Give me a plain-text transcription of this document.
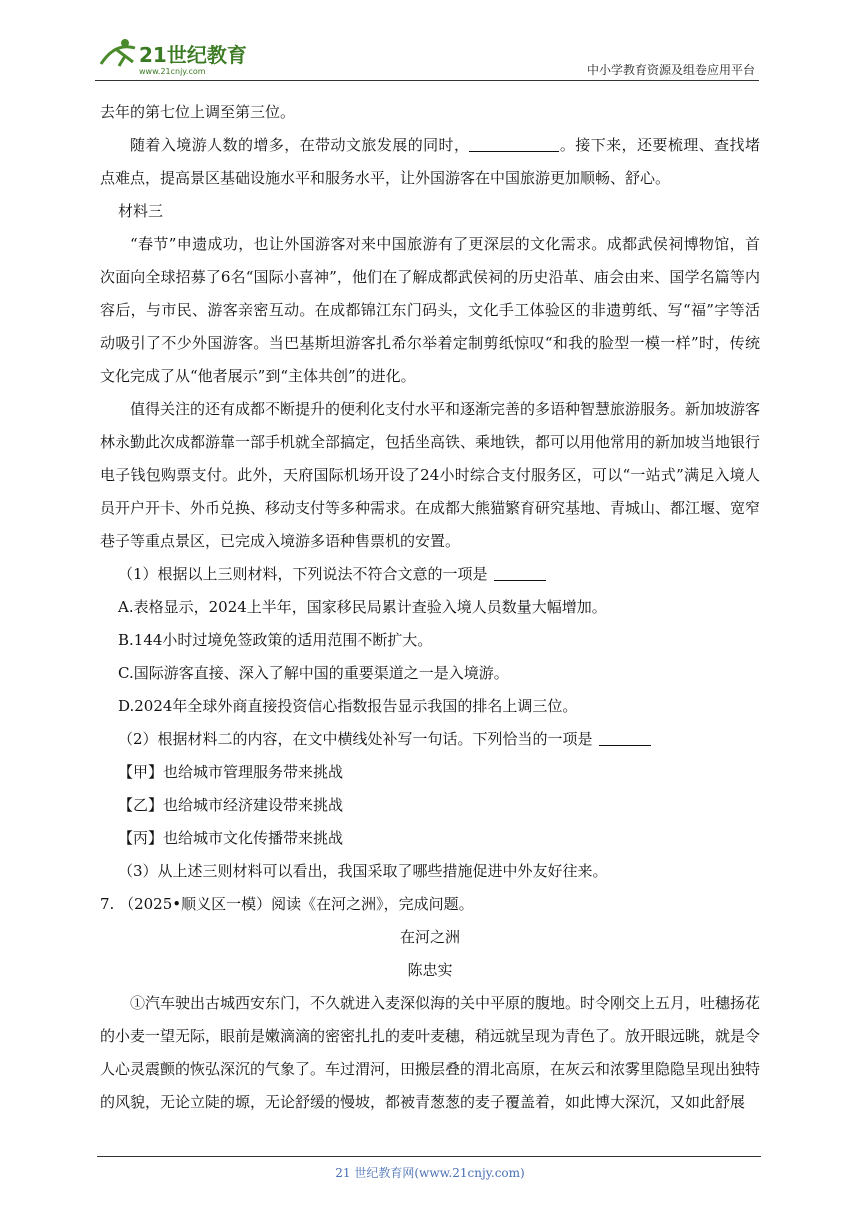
21世纪教育
www.21cnjy.com	中小学教育资源及组卷应用平台

去年的第七位上调至第三位。

随着入境游人数的增多，在带动文旅发展的同时，	。接下来，还要梳理、查找堵点难点，提高景区基础设施水平和服务水平，让外国游客在中国旅游更加顺畅、舒心。

材料三

“春节”申遗成功，也让外国游客对来中国旅游有了更深层的文化需求。成都武侯祠博物馆，首次面向全球招募了6名“国际小喜神”，他们在了解成都武侯祠的历史沿革、庙会由来、国学名篇等内容后，与市民、游客亲密互动。在成都锦江东门码头，文化手工体验区的非遗剪纸、写“福”字等活动吸引了不少外国游客。当巴基斯坦游客扎希尔举着定制剪纸惊叹“和我的脸型一模一样”时，传统文化完成了从“他者展示”到“主体共创”的进化。

值得关注的还有成都不断提升的便利化支付水平和逐渐完善的多语种智慧旅游服务。新加坡游客林永勤此次成都游靠一部手机就全部搞定，包括坐高铁、乘地铁，都可以用他常用的新加坡当地银行电子钱包购票支付。此外，天府国际机场开设了24小时综合支付服务区，可以“一站式”满足入境人员开户开卡、外币兑换、移动支付等多种需求。在成都大熊猫繁育研究基地、青城山、都江堰、宽窄巷子等重点景区，已完成入境游多语种售票机的安置。

（1）根据以上三则材料，下列说法不符合文意的一项是

A.表格显示，2024上半年，国家移民局累计查验入境人员数量大幅增加。

B.144小时过境免签政策的适用范围不断扩大。

C.国际游客直接、深入了解中国的重要渠道之一是入境游。

D.2024年全球外商直接投资信心指数报告显示我国的排名上调三位。

（2）根据材料二的内容，在文中横线处补写一句话。下列恰当的一项是

【甲】也给城市管理服务带来挑战

【乙】也给城市经济建设带来挑战

【丙】也给城市文化传播带来挑战

（3）从上述三则材料可以看出，我国采取了哪些措施促进中外友好往来。

7. （2025•顺义区一模）阅读《在河之洲》，完成问题。

在河之洲

陈忠实

①汽车驶出古城西安东门，不久就进入麦深似海的关中平原的腹地。时令刚交上五月，吐穗扬花的小麦一望无际，眼前是嫩滴滴的密密扎扎的麦叶麦穗，稍远就呈现为青色了。放开眼远眺，就是令人心灵震颤的恢弘深沉的气象了。车过渭河，田搬层叠的渭北高原，在灰云和浓雾里隐隐呈现出独特的风貌，无论立陡的塬，无论舒缓的慢坡，都被青葱葱的麦子覆盖着，如此博大深沉，又如此舒展

21 世纪教育网(www.21cnjy.com)
